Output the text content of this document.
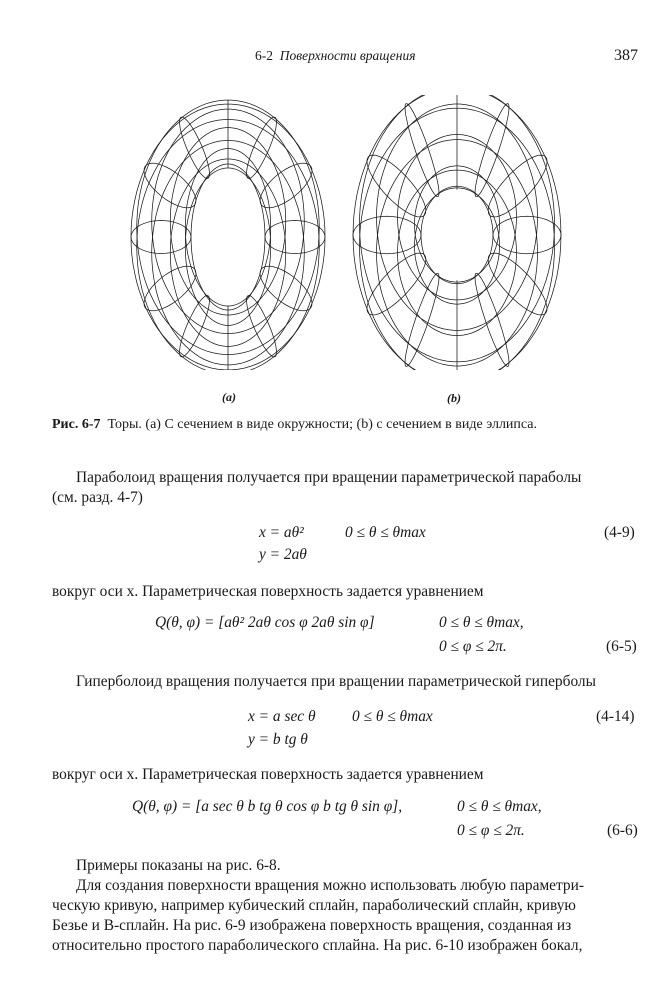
6-2 Поверхности вращения	387
(a)	(b)
Рис. 6-7 Торы. (a) С сечением в виде окружности; (b) с сечением в виде эллипса.
Параболоид вращения получается при вращении параметрической параболы
(см. разд. 4-7)
x = aθ²	0 ≤ θ ≤ θmax	(4-9)
y = 2aθ
вокруг оси x. Параметрическая поверхность задается уравнением
Q(θ, φ) = [aθ² 2aθ cos φ 2aθ sin φ]	0 ≤ θ ≤ θmax,
0 ≤ φ ≤ 2π.	(6-5)
Гиперболоид вращения получается при вращении параметрической гиперболы
x = a sec θ 0 ≤ θ ≤ θmax	(4-14)
y = b tg θ
вокруг оси x. Параметрическая поверхность задается уравнением
Q(θ, φ) = [a sec θ b tg θ cos φ b tg θ sin φ],	0 ≤ θ ≤ θmax,
0 ≤ φ ≤ 2π.	(6-6)
Примеры показаны на рис. 6-8.
Для создания поверхности вращения можно использовать любую параметри-
ческую кривую, например кубический сплайн, параболический сплайн, кривую
Безье и В-сплайн. На рис. 6-9 изображена поверхность вращения, созданная из
относительно простого параболического сплайна. На рис. 6-10 изображен бокал,
